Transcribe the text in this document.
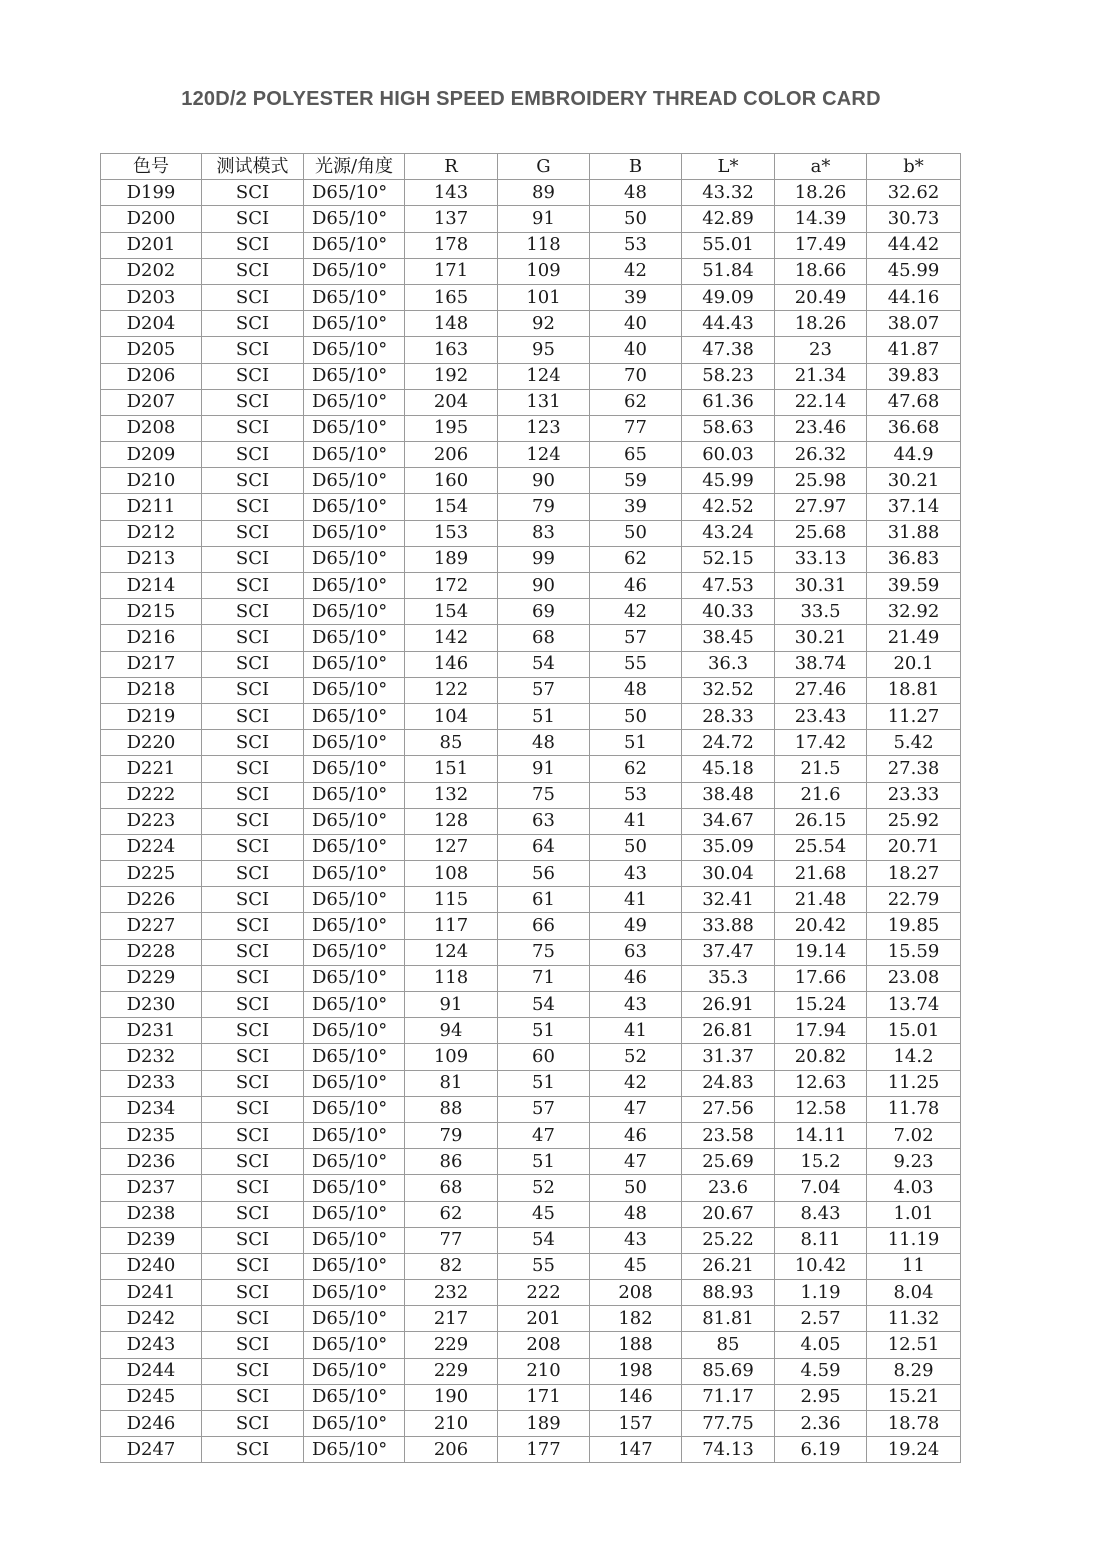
120D/2 POLYESTER HIGH SPEED EMBROIDERY THREAD COLOR CARD
色号	测试模式	光源/角度	R	G	B	L*	a*	b*
D199	SCI	D65/10°	143	89	48	43.32	18.26	32.62
D200	SCI	D65/10°	137	91	50	42.89	14.39	30.73
D201	SCI	D65/10°	178	118	53	55.01	17.49	44.42
D202	SCI	D65/10°	171	109	42	51.84	18.66	45.99
D203	SCI	D65/10°	165	101	39	49.09	20.49	44.16
D204	SCI	D65/10°	148	92	40	44.43	18.26	38.07
D205	SCI	D65/10°	163	95	40	47.38	23	41.87
D206	SCI	D65/10°	192	124	70	58.23	21.34	39.83
D207	SCI	D65/10°	204	131	62	61.36	22.14	47.68
D208	SCI	D65/10°	195	123	77	58.63	23.46	36.68
D209	SCI	D65/10°	206	124	65	60.03	26.32	44.9
D210	SCI	D65/10°	160	90	59	45.99	25.98	30.21
D211	SCI	D65/10°	154	79	39	42.52	27.97	37.14
D212	SCI	D65/10°	153	83	50	43.24	25.68	31.88
D213	SCI	D65/10°	189	99	62	52.15	33.13	36.83
D214	SCI	D65/10°	172	90	46	47.53	30.31	39.59
D215	SCI	D65/10°	154	69	42	40.33	33.5	32.92
D216	SCI	D65/10°	142	68	57	38.45	30.21	21.49
D217	SCI	D65/10°	146	54	55	36.3	38.74	20.1
D218	SCI	D65/10°	122	57	48	32.52	27.46	18.81
D219	SCI	D65/10°	104	51	50	28.33	23.43	11.27
D220	SCI	D65/10°	85	48	51	24.72	17.42	5.42
D221	SCI	D65/10°	151	91	62	45.18	21.5	27.38
D222	SCI	D65/10°	132	75	53	38.48	21.6	23.33
D223	SCI	D65/10°	128	63	41	34.67	26.15	25.92
D224	SCI	D65/10°	127	64	50	35.09	25.54	20.71
D225	SCI	D65/10°	108	56	43	30.04	21.68	18.27
D226	SCI	D65/10°	115	61	41	32.41	21.48	22.79
D227	SCI	D65/10°	117	66	49	33.88	20.42	19.85
D228	SCI	D65/10°	124	75	63	37.47	19.14	15.59
D229	SCI	D65/10°	118	71	46	35.3	17.66	23.08
D230	SCI	D65/10°	91	54	43	26.91	15.24	13.74
D231	SCI	D65/10°	94	51	41	26.81	17.94	15.01
D232	SCI	D65/10°	109	60	52	31.37	20.82	14.2
D233	SCI	D65/10°	81	51	42	24.83	12.63	11.25
D234	SCI	D65/10°	88	57	47	27.56	12.58	11.78
D235	SCI	D65/10°	79	47	46	23.58	14.11	7.02
D236	SCI	D65/10°	86	51	47	25.69	15.2	9.23
D237	SCI	D65/10°	68	52	50	23.6	7.04	4.03
D238	SCI	D65/10°	62	45	48	20.67	8.43	1.01
D239	SCI	D65/10°	77	54	43	25.22	8.11	11.19
D240	SCI	D65/10°	82	55	45	26.21	10.42	11
D241	SCI	D65/10°	232	222	208	88.93	1.19	8.04
D242	SCI	D65/10°	217	201	182	81.81	2.57	11.32
D243	SCI	D65/10°	229	208	188	85	4.05	12.51
D244	SCI	D65/10°	229	210	198	85.69	4.59	8.29
D245	SCI	D65/10°	190	171	146	71.17	2.95	15.21
D246	SCI	D65/10°	210	189	157	77.75	2.36	18.78
D247	SCI	D65/10°	206	177	147	74.13	6.19	19.24
